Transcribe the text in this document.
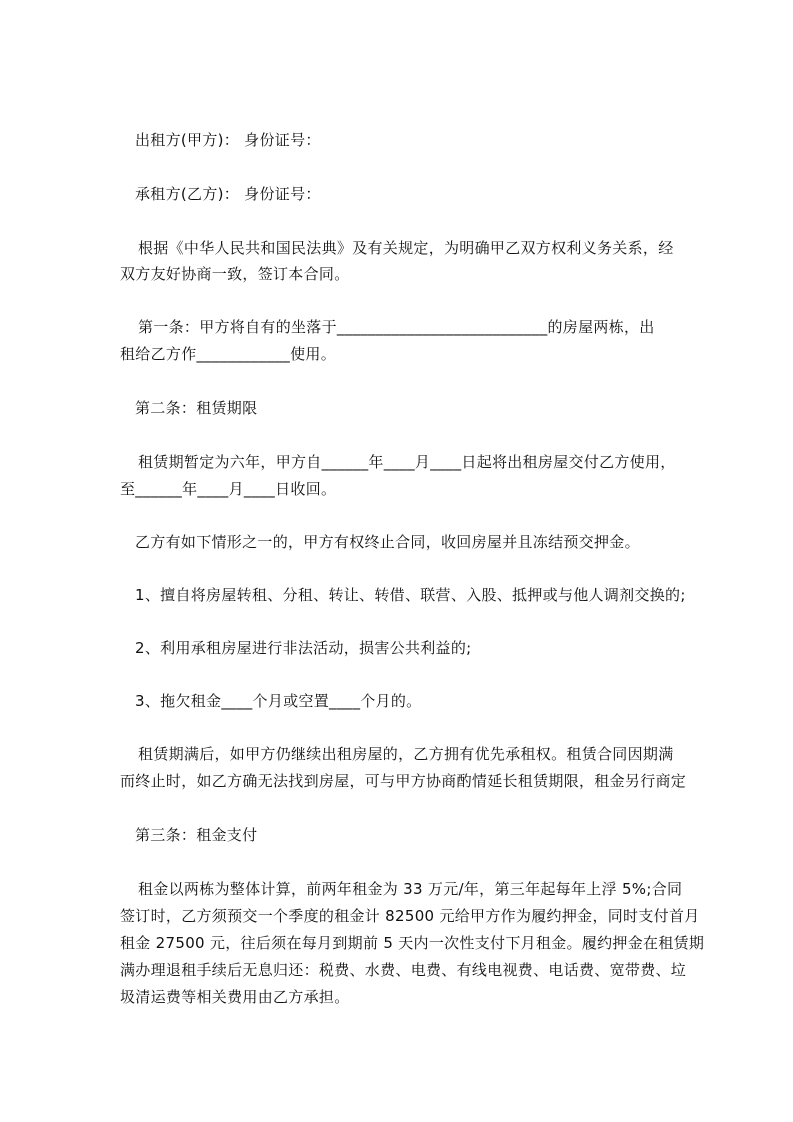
出租方(甲方)： 身份证号：
承租方(乙方)： 身份证号：
根据《中华人民共和国民法典》及有关规定，为明确甲乙双方权利义务关系，经
双方友好协商一致，签订本合同。
第一条：甲方将自有的坐落于___________________________的房屋两栋，出
租给乙方作____________使用。
第二条：租赁期限
租赁期暂定为六年，甲方自______年____月____日起将出租房屋交付乙方使用，
至______年____月____日收回。
乙方有如下情形之一的，甲方有权终止合同，收回房屋并且冻结预交押金。
1、擅自将房屋转租、分租、转让、转借、联营、入股、抵押或与他人调剂交换的;
2、利用承租房屋进行非法活动，损害公共利益的;
3、拖欠租金____个月或空置____个月的。
租赁期满后，如甲方仍继续出租房屋的，乙方拥有优先承租权。租赁合同因期满
而终止时，如乙方确无法找到房屋，可与甲方协商酌情延长租赁期限，租金另行商定
第三条：租金支付
租金以两栋为整体计算，前两年租金为 33 万元/年，第三年起每年上浮 5%;合同
签订时，乙方须预交一个季度的租金计 82500 元给甲方作为履约押金，同时支付首月
租金 27500 元，往后须在每月到期前 5 天内一次性支付下月租金。履约押金在租赁期
满办理退租手续后无息归还：税费、水费、电费、有线电视费、电话费、宽带费、垃
圾清运费等相关费用由乙方承担。
